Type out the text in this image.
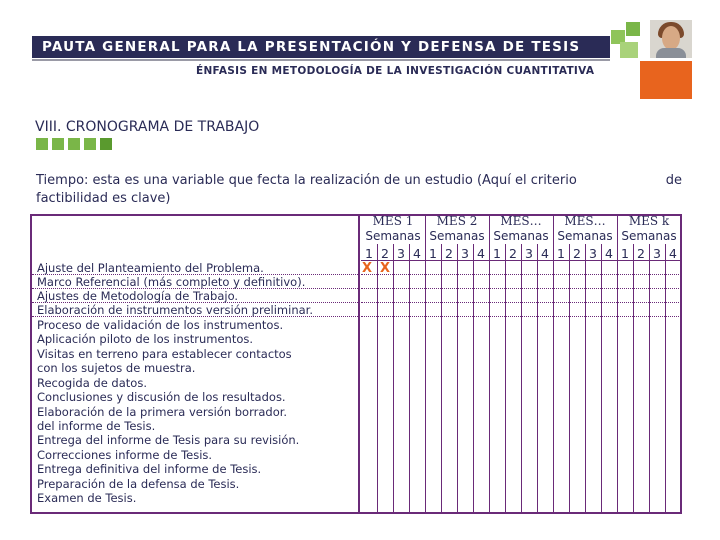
PAUTA GENERAL PARA LA PRESENTACIÓN Y DEFENSA DE TESIS
ÉNFASIS EN METODOLOGÍA DE LA INVESTIGACIÓN CUANTITATIVA
VIII. CRONOGRAMA DE TRABAJO
Tiempo: esta es una variable que fecta la realización de un estudio (Aquí el criterio	de
factibilidad es clave)
MES 1
Semanas
MES 2
Semanas
MES…
Semanas
MES…
Semanas
MES k
Semanas
1 2 3 4 1 2 3 4 1 2 3 4 1 2 3 4 1 2 3 4
Ajuste del Planteamiento del Problema.
Marco Referencial (más completo y definitivo).
Ajustes de Metodología de Trabajo.
Elaboración de instrumentos versión preliminar.
Proceso de validación de los instrumentos.
Aplicación piloto de los instrumentos.
Visitas en terreno para establecer contactos
con los sujetos de muestra.
Recogida de datos.
Conclusiones y discusión de los resultados.
Elaboración de la primera versión borrador.
del informe de Tesis.
Entrega del informe de Tesis para su revisión.
Correcciones informe de Tesis.
Entrega definitiva del informe de Tesis.
Preparación de la defensa de Tesis.
Examen de Tesis.
X X
